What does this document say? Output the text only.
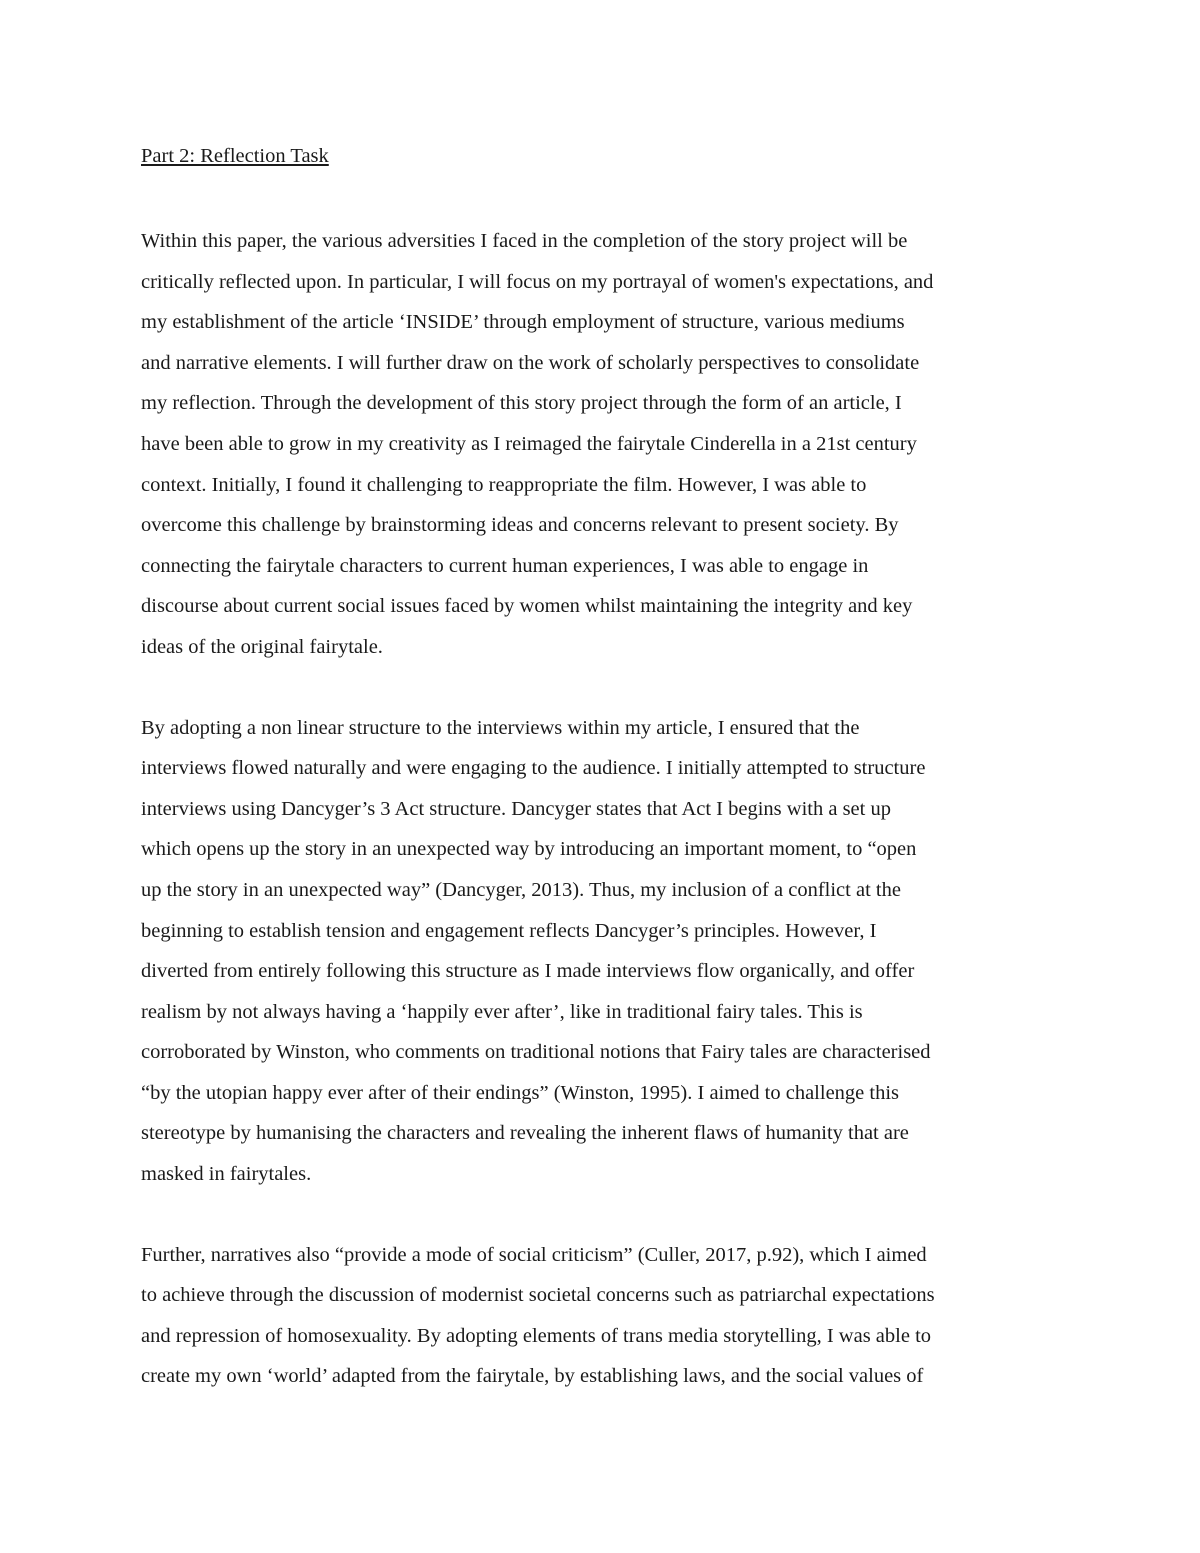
Part 2: Reflection Task
Within this paper, the various adversities I faced in the completion of the story project will be
critically reflected upon. In particular, I will focus on my portrayal of women's expectations, and
my establishment of the article ‘INSIDE’ through employment of structure, various mediums
and narrative elements. I will further draw on the work of scholarly perspectives to consolidate
my reflection. Through the development of this story project through the form of an article, I
have been able to grow in my creativity as I reimaged the fairytale Cinderella in a 21st century
context. Initially, I found it challenging to reappropriate the film. However, I was able to
overcome this challenge by brainstorming ideas and concerns relevant to present society. By
connecting the fairytale characters to current human experiences, I was able to engage in
discourse about current social issues faced by women whilst maintaining the integrity and key
ideas of the original fairytale.
By adopting a non linear structure to the interviews within my article, I ensured that the
interviews flowed naturally and were engaging to the audience. I initially attempted to structure
interviews using Dancyger’s 3 Act structure. Dancyger states that Act I begins with a set up
which opens up the story in an unexpected way by introducing an important moment, to “open
up the story in an unexpected way” (Dancyger, 2013). Thus, my inclusion of a conflict at the
beginning to establish tension and engagement reflects Dancyger’s principles. However, I
diverted from entirely following this structure as I made interviews flow organically, and offer
realism by not always having a ‘happily ever after’, like in traditional fairy tales. This is
corroborated by Winston, who comments on traditional notions that Fairy tales are characterised
“by the utopian happy ever after of their endings” (Winston, 1995). I aimed to challenge this
stereotype by humanising the characters and revealing the inherent flaws of humanity that are
masked in fairytales.
Further, narratives also “provide a mode of social criticism” (Culler, 2017, p.92), which I aimed
to achieve through the discussion of modernist societal concerns such as patriarchal expectations
and repression of homosexuality. By adopting elements of trans media storytelling, I was able to
create my own ‘world’ adapted from the fairytale, by establishing laws, and the social values of
